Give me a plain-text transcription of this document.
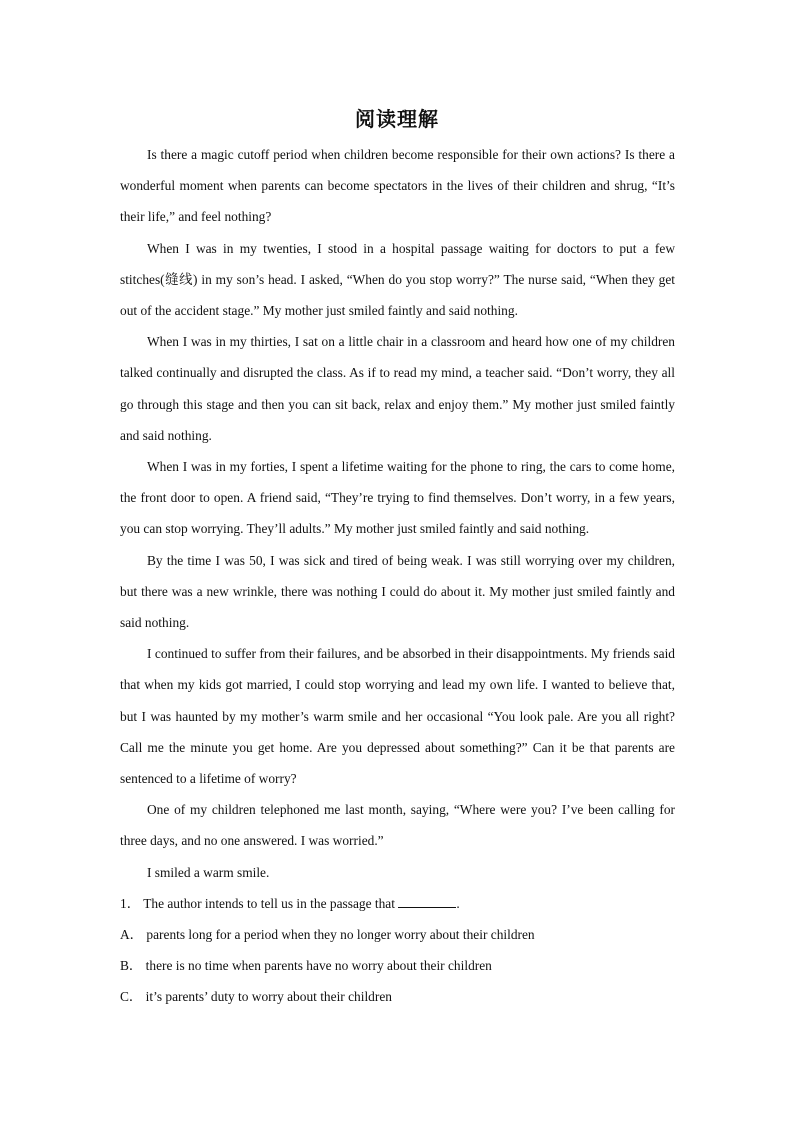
阅读理解

Is there a magic cutoff period when children become responsible for their own actions? Is there a wonderful moment when parents can become spectators in the lives of their children and shrug, “It’s their life,” and feel nothing?

When I was in my twenties, I stood in a hospital passage waiting for doctors to put a few stitches(缝线) in my son’s head. I asked, “When do you stop worry?” The nurse said, “When they get out of the accident stage.” My mother just smiled faintly and said nothing.

When I was in my thirties, I sat on a little chair in a classroom and heard how one of my children talked continually and disrupted the class. As if to read my mind, a teacher said. “Don’t worry, they all go through this stage and then you can sit back, relax and enjoy them.” My mother just smiled faintly and said nothing.

When I was in my forties, I spent a lifetime waiting for the phone to ring, the cars to come home, the front door to open. A friend said, “They’re trying to find themselves. Don’t worry, in a few years, you can stop worrying. They’ll adults.” My mother just smiled faintly and said nothing.

By the time I was 50, I was sick and tired of being weak. I was still worrying over my children, but there was a new wrinkle, there was nothing I could do about it. My mother just smiled faintly and said nothing.

I continued to suffer from their failures, and be absorbed in their disappointments. My friends said that when my kids got married, I could stop worrying and lead my own life. I wanted to believe that, but I was haunted by my mother’s warm smile and her occasional “You look pale. Are you all right? Call me the minute you get home. Are you depressed about something?” Can it be that parents are sentenced to a lifetime of worry?

One of my children telephoned me last month, saying, “Where were you? I’ve been calling for three days, and no one answered. I was worried.”

I smiled a warm smile.

1． The author intends to tell us in the passage that	.

A． parents long for a period when they no longer worry about their children

B． there is no time when parents have no worry about their children

C． it’s parents’ duty to worry about their children
